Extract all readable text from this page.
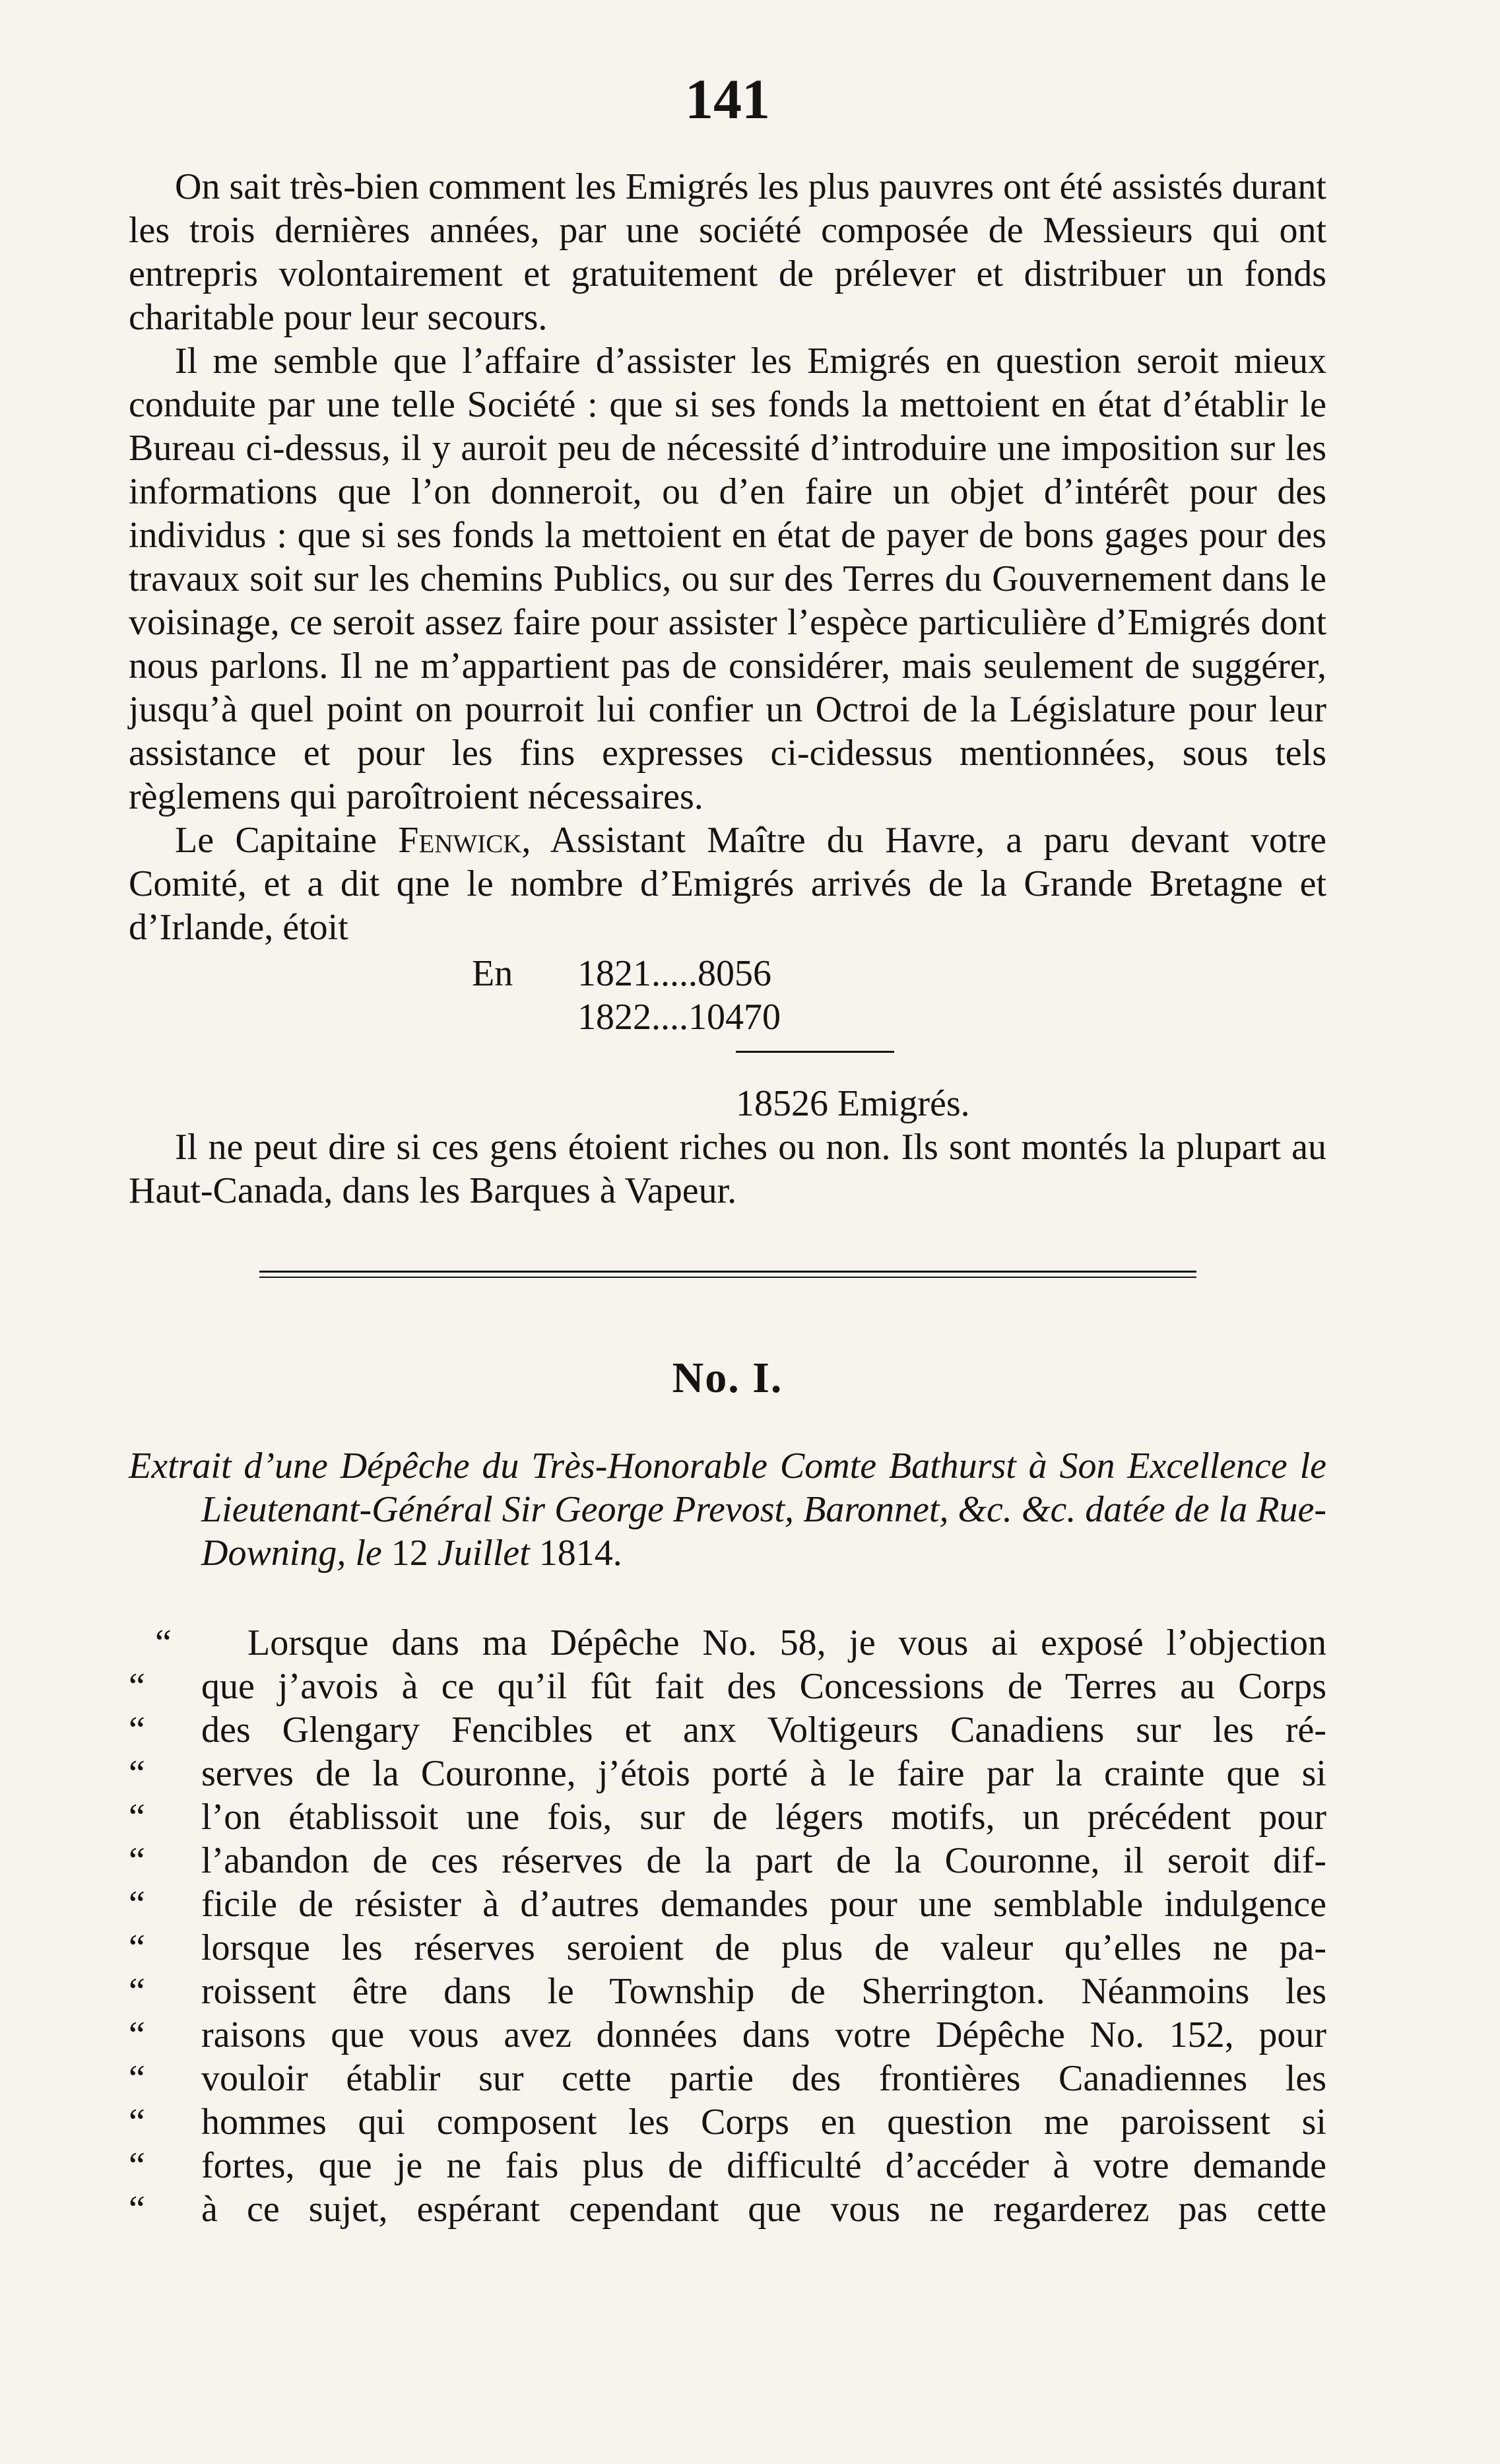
141

On sait très-bien comment les Emigrés les plus pauvres ont été assistés durant les trois dernières années, par une société composée de Messieurs qui ont entrepris volontairement et gratuitement de prélever et distribuer un fonds charitable pour leur secours.

Il me semble que l’affaire d’assister les Emigrés en question seroit mieux conduite par une telle Société : que si ses fonds la mettoient en état d’établir le Bureau ci-dessus, il y auroit peu de nécessité d’introduire une imposition sur les informations que l’on donneroit, ou d’en faire un objet d’intérêt pour des individus : que si ses fonds la mettoient en état de payer de bons gages pour des travaux soit sur les chemins Publics, ou sur des Terres du Gouvernement dans le voisinage, ce seroit assez faire pour assister l’espèce particulière d’Emigrés dont nous parlons. Il ne m’appartient pas de considérer, mais seulement de suggérer, jusqu’à quel point on pourroit lui confier un Octroi de la Législature pour leur assistance et pour les fins expresses ci-cidessus mentionnées, sous tels règlemens qui paroîtroient nécessaires.

Le Capitaine Fenwick, Assistant Maître du Havre, a paru devant votre Comité, et a dit qne le nombre d’Emigrés arrivés de la Grande Bretagne et d’Irlande, étoit

En 1821.....8056
1822....10470
18526 Emigrés.

Il ne peut dire si ces gens étoient riches ou non. Ils sont montés la plupart au Haut-Canada, dans les Barques à Vapeur.

No. I.
Extrait d’une Dépêche du Très-Honorable Comte Bathurst à Son Excellence le Lieutenant-Général Sir George Prevost, Baronnet, &c. &c. datée de la Rue-Downing, le 12 Juillet 1814.
“	Lorsque dans ma Dépêche No. 58, je vous ai exposé l’objection
“	que j’avois à ce qu’il fût fait des Concessions de Terres au Corps
“	des Glengary Fencibles et anx Voltigeurs Canadiens sur les ré-
“	serves de la Couronne, j’étois porté à le faire par la crainte que si
“	l’on établissoit une fois, sur de légers motifs, un précédent pour
“	l’abandon de ces réserves de la part de la Couronne, il seroit dif-
“	ficile de résister à d’autres demandes pour une semblable indulgence
“	lorsque les réserves seroient de plus de valeur qu’elles ne pa-
“	roissent être dans le Township de Sherrington. Néanmoins les
“	raisons que vous avez données dans votre Dépêche No. 152, pour
“	vouloir établir sur cette partie des frontières Canadiennes les
“	hommes qui composent les Corps en question me paroissent si
“	fortes, que je ne fais plus de difficulté d’accéder à votre demande
“	à ce sujet, espérant cependant que vous ne regarderez pas cette
